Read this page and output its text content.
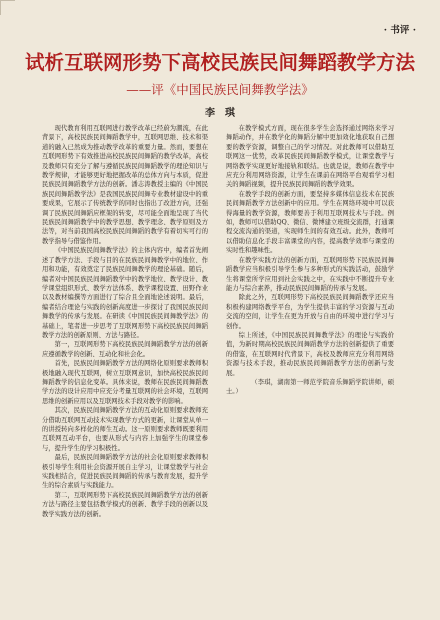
· 书评 ·
试析互联网形势下高校民族民间舞蹈教学方法
——评《中国民族民间舞教学法》
李　琪

现代教育利用互联网进行教学改革已经蔚为潮流，在此背景下，高校民族民间舞蹈教学中，互联网思维、技术和渠道的融入已然成为推动教学改革的重要力量。然而，要想在互联网形势下有效推进高校民族民间舞蹈的教学改革，高校及教师只有充分了解与遵循民族民间舞蹈教学的理论知识与教学规律，才能够更好地把握改革的总体方向与本质，促进民族民间舞蹈教学方法的创新。潘志涛教授主编的《中国民族民间舞蹈教学法》是我国民族民间舞专业教材建设中的重要成果，它展示了传统教学的同时也指出了改进方向，还强调了民族民间舞蹈应框架的转变，尽可能全面地呈现了当代民族民间舞蹈教学中的教学思想、教学理念、教学原则及方法等，对当前我国高校民族民间舞蹈的教学有着切实可行的教学指导与借鉴作用。

《中国民族民间舞教学法》的主体内容中，编者首先阐述了教学方法、手段与目的在民族民间舞教学中的地位、作用和功能，有效奠定了民族民间舞教学的理论基础。随后，编者对中国民族民间舞蹈教学中的教学地位、教学设计、教学课堂组织形式、教学方法体系、教学课程设置、田野作业以及教材编撰等方面进行了综合且全面地论述说明。最后，编者结合理论与实践的创新高度进一步探讨了我国民族民间舞教学的传承与发展。在研读《中国民族民间舞教学法》的基础上，笔者进一步思考了互联网形势下高校民族民间舞蹈教学方法的创新原则、方法与路径。

第一，互联网形势下高校民族民间舞蹈教学方法的创新应遵循教学的创新、互动化和社会化。

首先，民族民间舞蹈教学方法的网络化原则要求教师积极地融入现代互联网，树立互联网意识，加快高校民族民间舞蹈教学的信息化变革。具体来说，教师在民族民间舞蹈教学方法的设计应用中应充分考量互联网的社会环境，互联网思维的创新应用以及互联网技术手段对教学的影响。

其次，民族民间舞蹈教学方法的互动化原则要求教师充分借助互联网互动技术实现教学方式的更新，让课堂从单一的讲授转向多样化的师生互动。这一原则要求教师既要利用互联网互动平台，也要从形式与内容上加强学生的课堂参与，提升学生的学习积极性。

最后，民族民间舞蹈教学方法的社会化原则要求教师积极引导学生利用社会资源开展自主学习，让课堂教学与社会实践相结合，促进民族民间舞蹈的传承与教育发展，提升学生的综合素质与实践能力。

第二，互联网形势下高校民族民间舞蹈教学方法的创新方法与路径主要包括教学模式的创新、教学手段的创新以及教学实践方法的创新。

在教学模式方面，现在很多学生会选择通过网络来学习舞蹈动作，并在教学化的舞蹈分解中更加效化地获取自己想要的教学资源，调整自己的学习情况。对此教师可以借助互联网这一优势，改革民族民间舞蹈教学模式，让课堂教学与网络教学实现更好地接轨和联结。也就是说，教师在教学中应充分利用网络资源，让学生在课前在网络平台观看学习相关的舞蹈视频，提升民族民间舞蹈的教学效果。

在教学手段的创新方面，要坚持多媒体信息技术在民族民间舞蹈教学方法创新中的应用。学生在网络环境中可以获得海量的教学资源，教师要善于利用互联网技术与手段。例如，教师可以借助QQ、微信、微博建立班级交流群，打通课程交流沟通的渠道，实现师生间的有效互动。此外，教师可以借助信息化手段丰富课堂的内容，提高教学效率与课堂的实时性和趣味性。

在教学实践方法的创新方面，互联网形势下民族民间舞蹈教学应当积极引导学生参与多种形式的实践活动，鼓励学生将课堂所学应用到社会实践之中，在实践中不断提升专业能力与综合素养，推动民族民间舞蹈的传承与发展。

除此之外，互联网形势下高校民族民间舞蹈教学还应当积极构建网络教学平台，为学生提供丰富的学习资源与互动交流的空间，让学生在更为开放与自由的环境中进行学习与创作。

综上所述，《中国民族民间舞教学法》的理论与实践价值，为新时期高校民族民间舞蹈教学方法的创新提供了重要的借鉴，在互联网时代背景下，高校及教师应充分利用网络资源与技术手段，推动民族民间舞蹈教学方法的创新与发展。

（李琪，湖南第一师范学院音乐舞蹈学院讲师，硕士。）
